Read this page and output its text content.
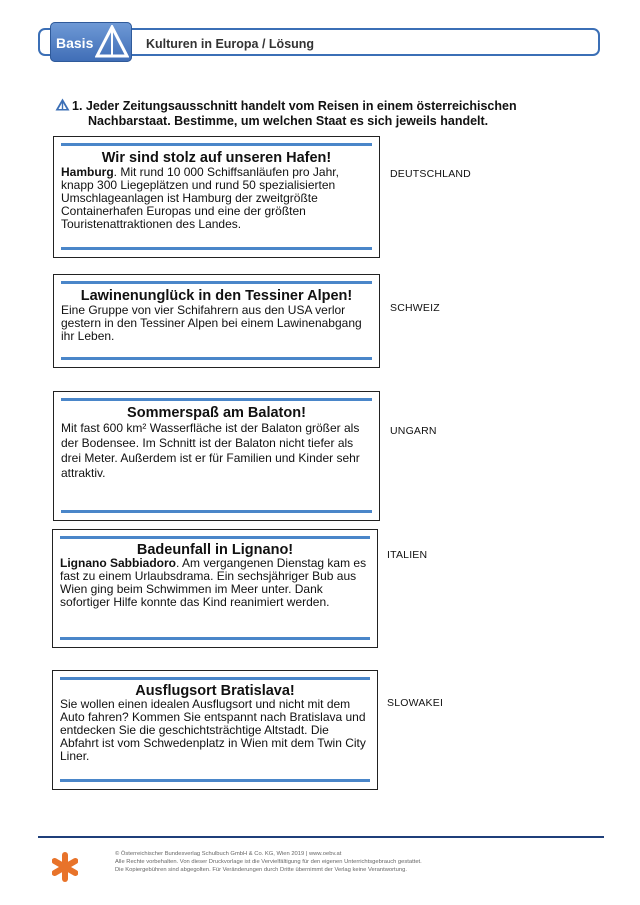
Basis	Kulturen in Europa / Lösung
1. Jeder Zeitungsausschnitt handelt vom Reisen in einem österreichischen
Nachbarstaat. Bestimme, um welchen Staat es sich jeweils handelt.
Wir sind stolz auf unseren Hafen!
Hamburg. Mit rund 10 000 Schiffsanläufen pro Jahr, knapp 300 Liegeplätzen und rund 50 spezialisierten Umschlageanlagen ist Hamburg der zweitgrößte Containerhafen Europas und eine der größten Touristenattraktionen des Landes.
DEUTSCHLAND
Lawinenunglück in den Tessiner Alpen!
Eine Gruppe von vier Schifahrern aus den USA verlor gestern in den Tessiner Alpen bei einem Lawinenabgang ihr Leben.
SCHWEIZ
Sommerspaß am Balaton!
Mit fast 600 km² Wasserfläche ist der Balaton größer als der Bodensee. Im Schnitt ist der Balaton nicht tiefer als drei Meter. Außerdem ist er für Familien und Kinder sehr attraktiv.
UNGARN
Badeunfall in Lignano!
Lignano Sabbiadoro. Am vergangenen Dienstag kam es fast zu einem Urlaubsdrama. Ein sechsjähriger Bub aus Wien ging beim Schwimmen im Meer unter. Dank sofortiger Hilfe konnte das Kind reanimiert werden.
ITALIEN
Ausflugsort Bratislava!
Sie wollen einen idealen Ausflugsort und nicht mit dem Auto fahren? Kommen Sie entspannt nach Bratislava und entdecken Sie die geschichtsträchtige Altstadt. Die Abfahrt ist vom Schwedenplatz in Wien mit dem Twin City Liner.
SLOWAKEI
© Österreichischer Bundesverlag Schulbuch GmbH & Co. KG, Wien 2019 | www.oebv.at
Alle Rechte vorbehalten. Von dieser Druckvorlage ist die Vervielfältigung für den eigenen Unterrichtsgebrauch gestattet.
Die Kopiergebühren sind abgegolten. Für Veränderungen durch Dritte übernimmt der Verlag keine Verantwortung.
